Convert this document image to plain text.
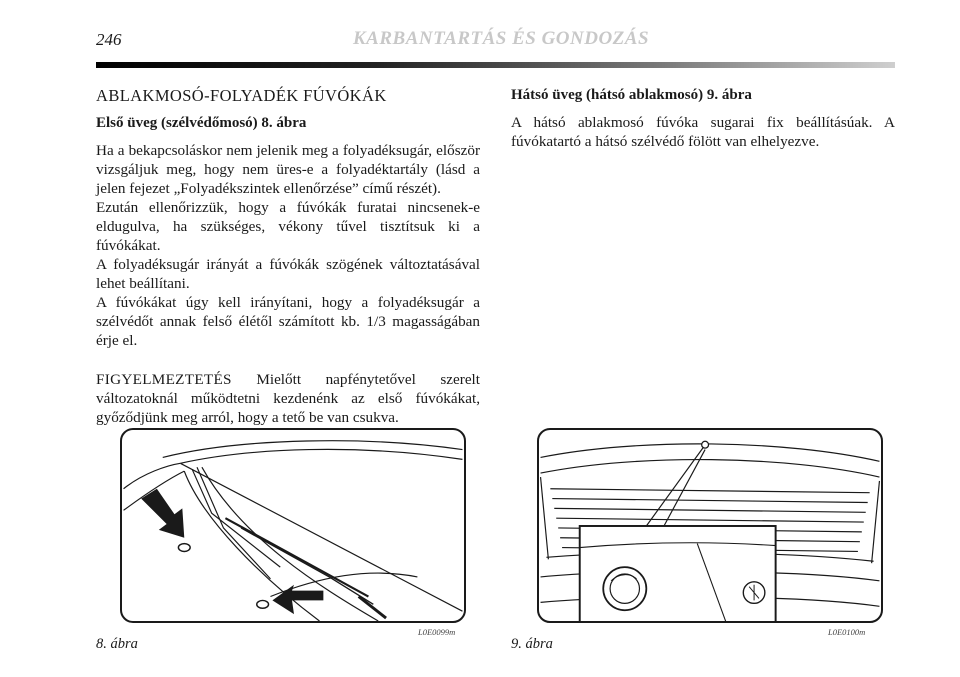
246	KARBANTARTÁS ÉS GONDOZÁS
ABLAKMOSÓ-FOLYADÉK FÚVÓKÁK
Első üveg (szélvédőmosó) 8. ábra

Ha a bekapcsoláskor nem jelenik meg a folyadéksugár, először vizsgáljuk meg, hogy nem üres-e a folyadéktartály (lásd a jelen fejezet „Folyadékszintek ellenőrzése” című részét).

Ezután ellenőrizzük, hogy a fúvókák furatai nincsenek-e eldugulva, ha szükséges, vékony tűvel tisztítsuk ki a fúvókákat.

A folyadéksugár irányát a fúvókák szögének változtatásával lehet beállítani.

A fúvókákat úgy kell irányítani, hogy a folyadéksugár a szélvédőt annak felső élétől számított kb. 1/3 magasságában érje el.

FIGYELMEZTETÉS Mielőtt napfénytetővel szerelt változatoknál működtetni kezdenénk az első fúvókákat, győződjünk meg arról, hogy a tető be van csukva.

Hátsó üveg (hátsó ablakmosó) 9. ábra

A hátsó ablakmosó fúvóka sugarai fix beállításúak. A fúvókatartó a hátsó szélvédő fölött van elhelyezve.

8. ábra
L0E0099m
9. ábra
L0E0100m
